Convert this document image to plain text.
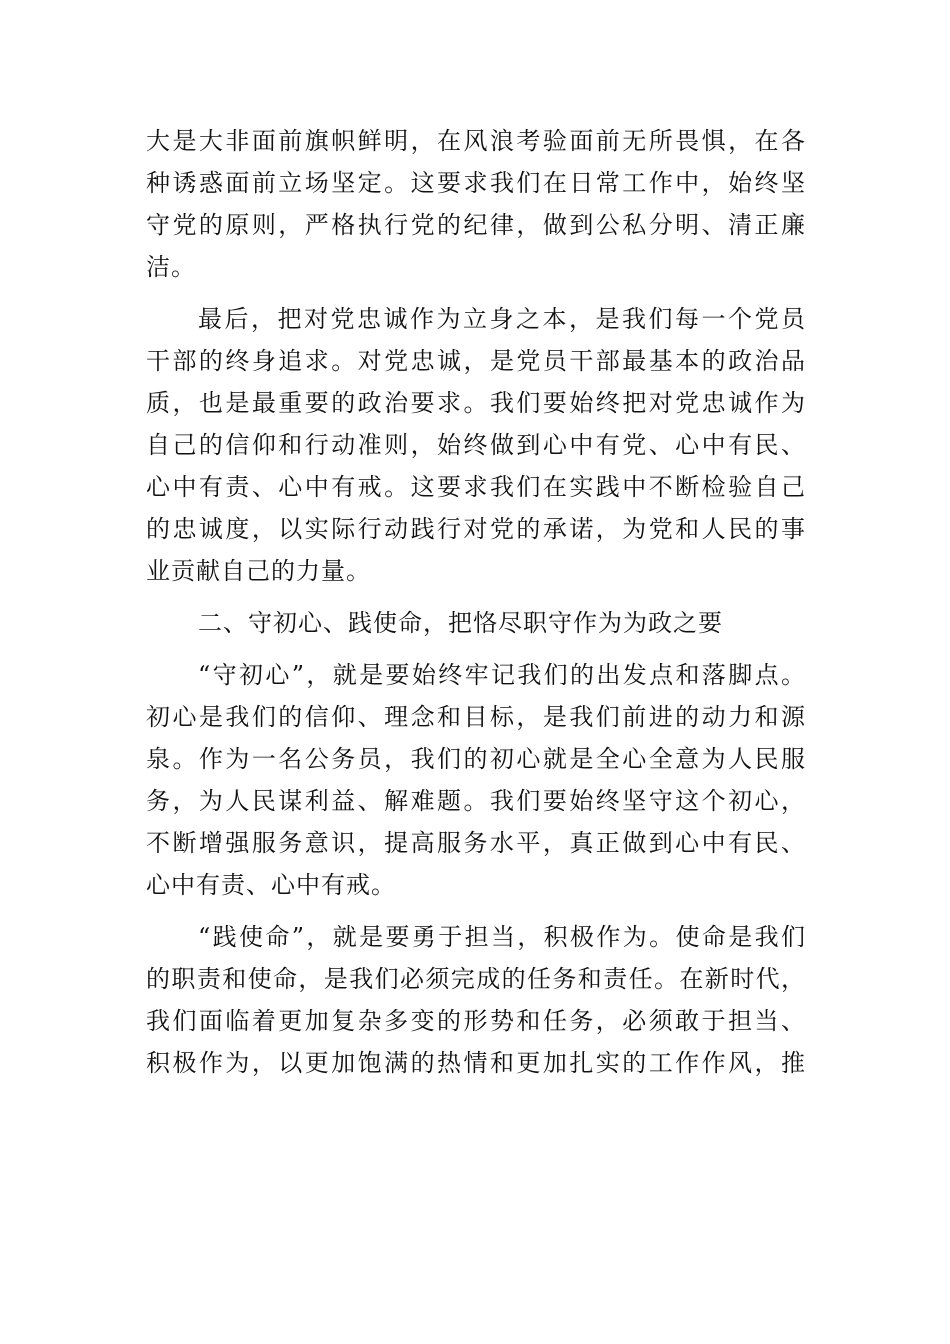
大是大非面前旗帜鲜明，在风浪考验面前无所畏惧，在各

种诱惑面前立场坚定。这要求我们在日常工作中，始终坚

守党的原则，严格执行党的纪律，做到公私分明、清正廉

洁。

最后，把对党忠诚作为立身之本，是我们每一个党员

干部的终身追求。对党忠诚，是党员干部最基本的政治品

质，也是最重要的政治要求。我们要始终把对党忠诚作为

自己的信仰和行动准则，始终做到心中有党、心中有民、

心中有责、心中有戒。这要求我们在实践中不断检验自己

的忠诚度，以实际行动践行对党的承诺，为党和人民的事

业贡献自己的力量。

二、守初心、践使命，把恪尽职守作为为政之要

“守初心”，就是要始终牢记我们的出发点和落脚点。

初心是我们的信仰、理念和目标，是我们前进的动力和源

泉。作为一名公务员，我们的初心就是全心全意为人民服

务，为人民谋利益、解难题。我们要始终坚守这个初心，

不断增强服务意识，提高服务水平，真正做到心中有民、

心中有责、心中有戒。

“践使命”，就是要勇于担当，积极作为。使命是我们

的职责和使命，是我们必须完成的任务和责任。在新时代，

我们面临着更加复杂多变的形势和任务，必须敢于担当、

积极作为，以更加饱满的热情和更加扎实的工作作风，推
